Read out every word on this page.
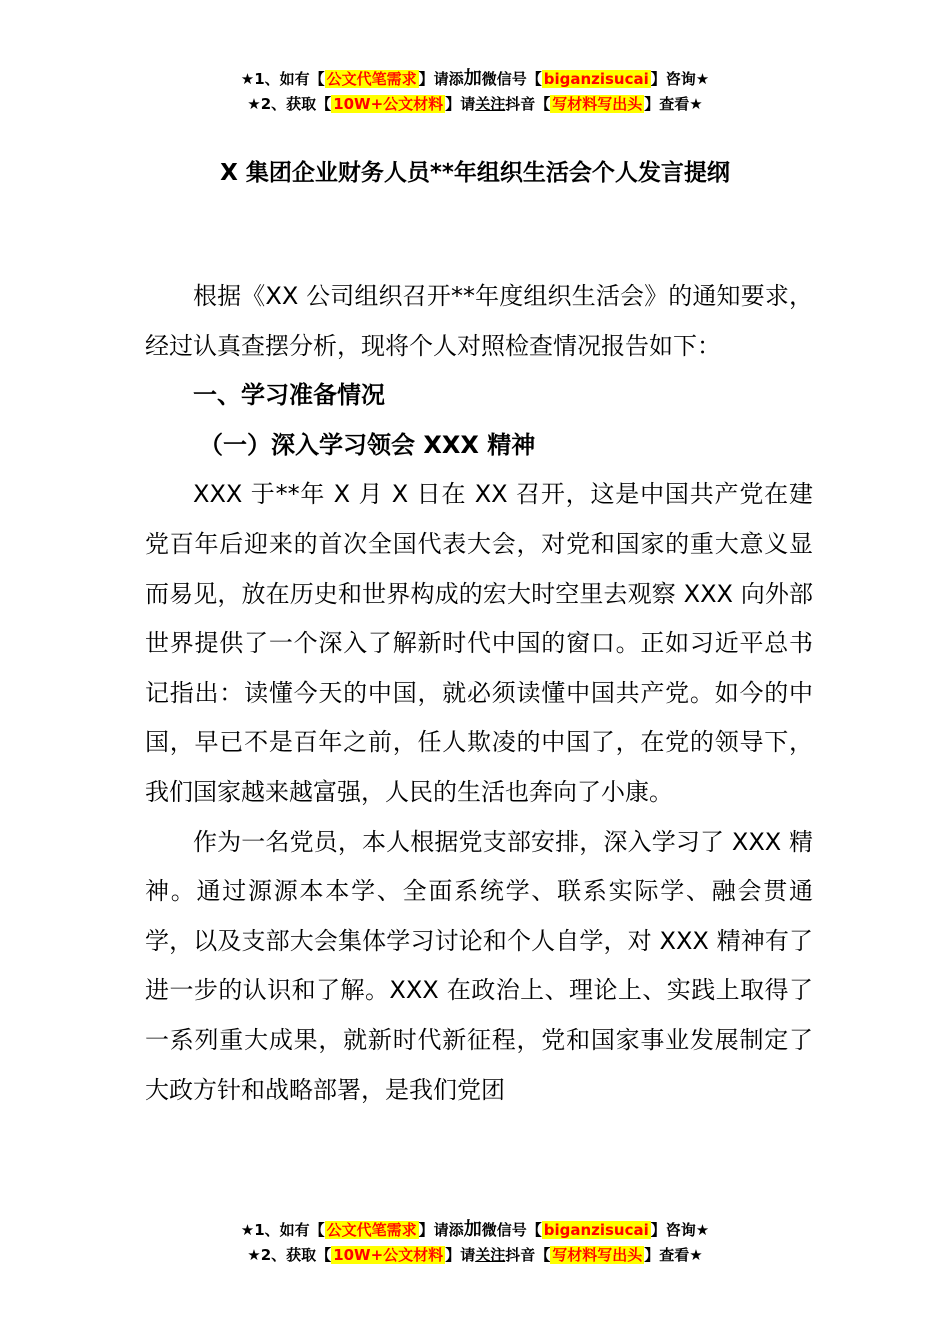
★1、如有【 公文代笔需求 】请添加微信号【 biganzisucai 】咨询★
★2、获取【 10W+公文材料 】请关注抖音【 写材料写出头 】查看★
X 集团企业财务人员**年组织生活会个人发言提纲

根据《XX 公司组织召开**年度组织生活会》的通知要求，经过认真查摆分析，现将个人对照检查情况报告如下：

一、学习准备情况
（一）深入学习领会 XXX 精神

XXX 于**年 X 月 X 日在 XX 召开，这是中国共产党在建党百年后迎来的首次全国代表大会，对党和国家的重大意义显而易见，放在历史和世界构成的宏大时空里去观察 XXX 向外部世界提供了一个深入了解新时代中国的窗口。正如习近平总书记指出：读懂今天的中国，就必须读懂中国共产党。如今的中国，早已不是百年之前，任人欺凌的中国了，在党的领导下，我们国家越来越富强，人民的生活也奔向了小康。

作为一名党员，本人根据党支部安排，深入学习了 XXX 精神。通过源源本本学、全面系统学、联系实际学、融会贯通学，以及支部大会集体学习讨论和个人自学，对 XXX 精神有了进一步的认识和了解。XXX 在政治上、理论上、实践上取得了一系列重大成果，就新时代新征程，党和国家事业发展制定了大政方针和战略部署，是我们党团

★1、如有【 公文代笔需求 】请添加微信号【 biganzisucai 】咨询★
★2、获取【 10W+公文材料 】请关注抖音【 写材料写出头 】查看★
